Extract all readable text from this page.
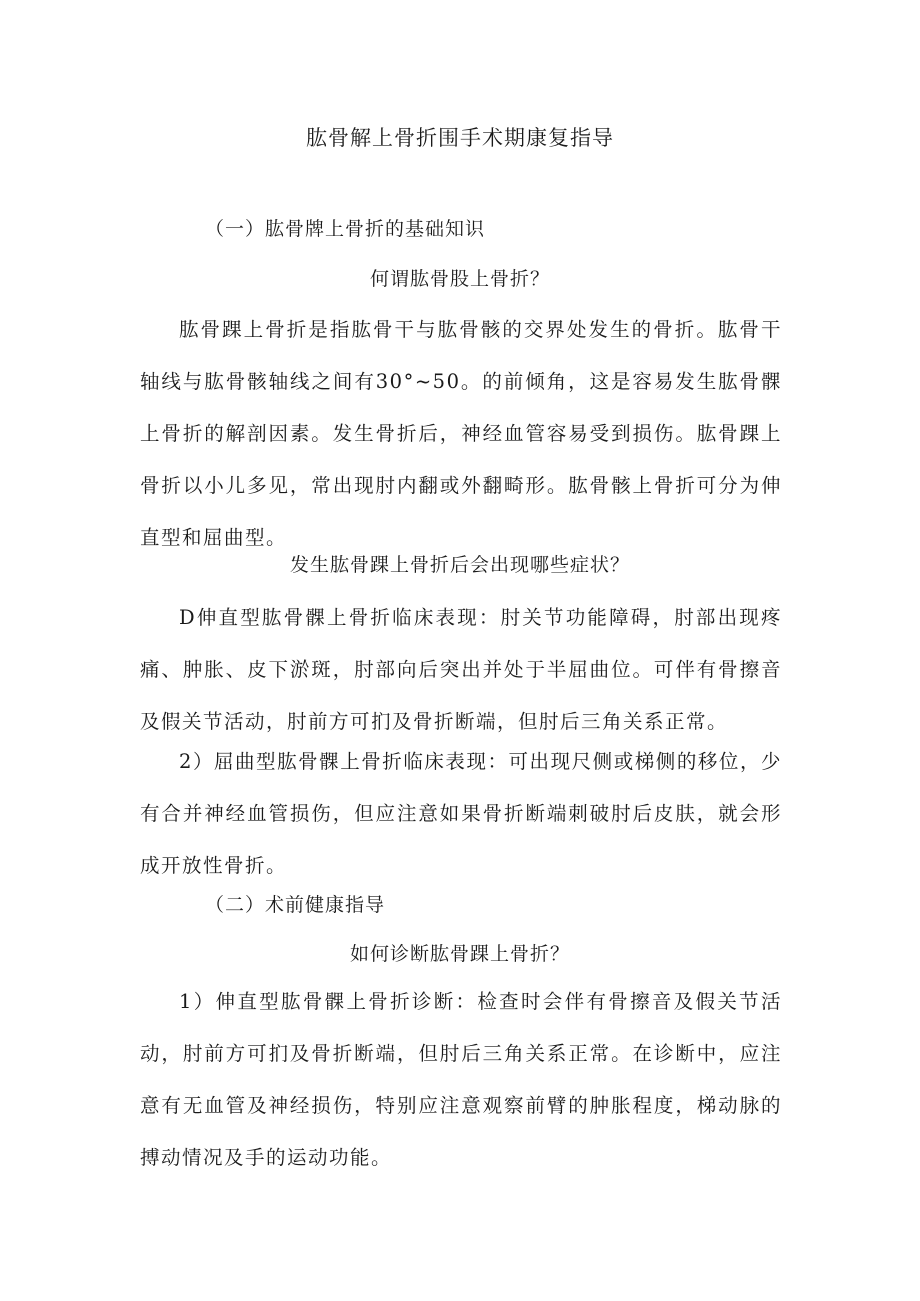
肱骨解上骨折围手术期康复指导
（一）肱骨牌上骨折的基础知识
何谓肱骨股上骨折？

肱骨踝上骨折是指肱骨干与肱骨骸的交界处发生的骨折。肱骨干轴线与肱骨骸轴线之间有30°~50。的前倾角，这是容易发生肱骨髁上骨折的解剖因素。发生骨折后，神经血管容易受到损伤。肱骨踝上骨折以小儿多见，常出现肘内翻或外翻畸形。肱骨骸上骨折可分为伸直型和屈曲型。

发生肱骨踝上骨折后会出现哪些症状？

D伸直型肱骨髁上骨折临床表现：肘关节功能障碍，肘部出现疼痛、肿胀、皮下淤斑，肘部向后突出并处于半屈曲位。可伴有骨擦音及假关节活动，肘前方可扪及骨折断端，但肘后三角关系正常。

2）屈曲型肱骨髁上骨折临床表现：可出现尺侧或梯侧的移位，少有合并神经血管损伤，但应注意如果骨折断端刺破肘后皮肤，就会形成开放性骨折。

（二）术前健康指导
如何诊断肱骨踝上骨折？

1）伸直型肱骨髁上骨折诊断：检查时会伴有骨擦音及假关节活动，肘前方可扪及骨折断端，但肘后三角关系正常。在诊断中，应注意有无血管及神经损伤，特别应注意观察前臂的肿胀程度，梯动脉的搏动情况及手的运动功能。
